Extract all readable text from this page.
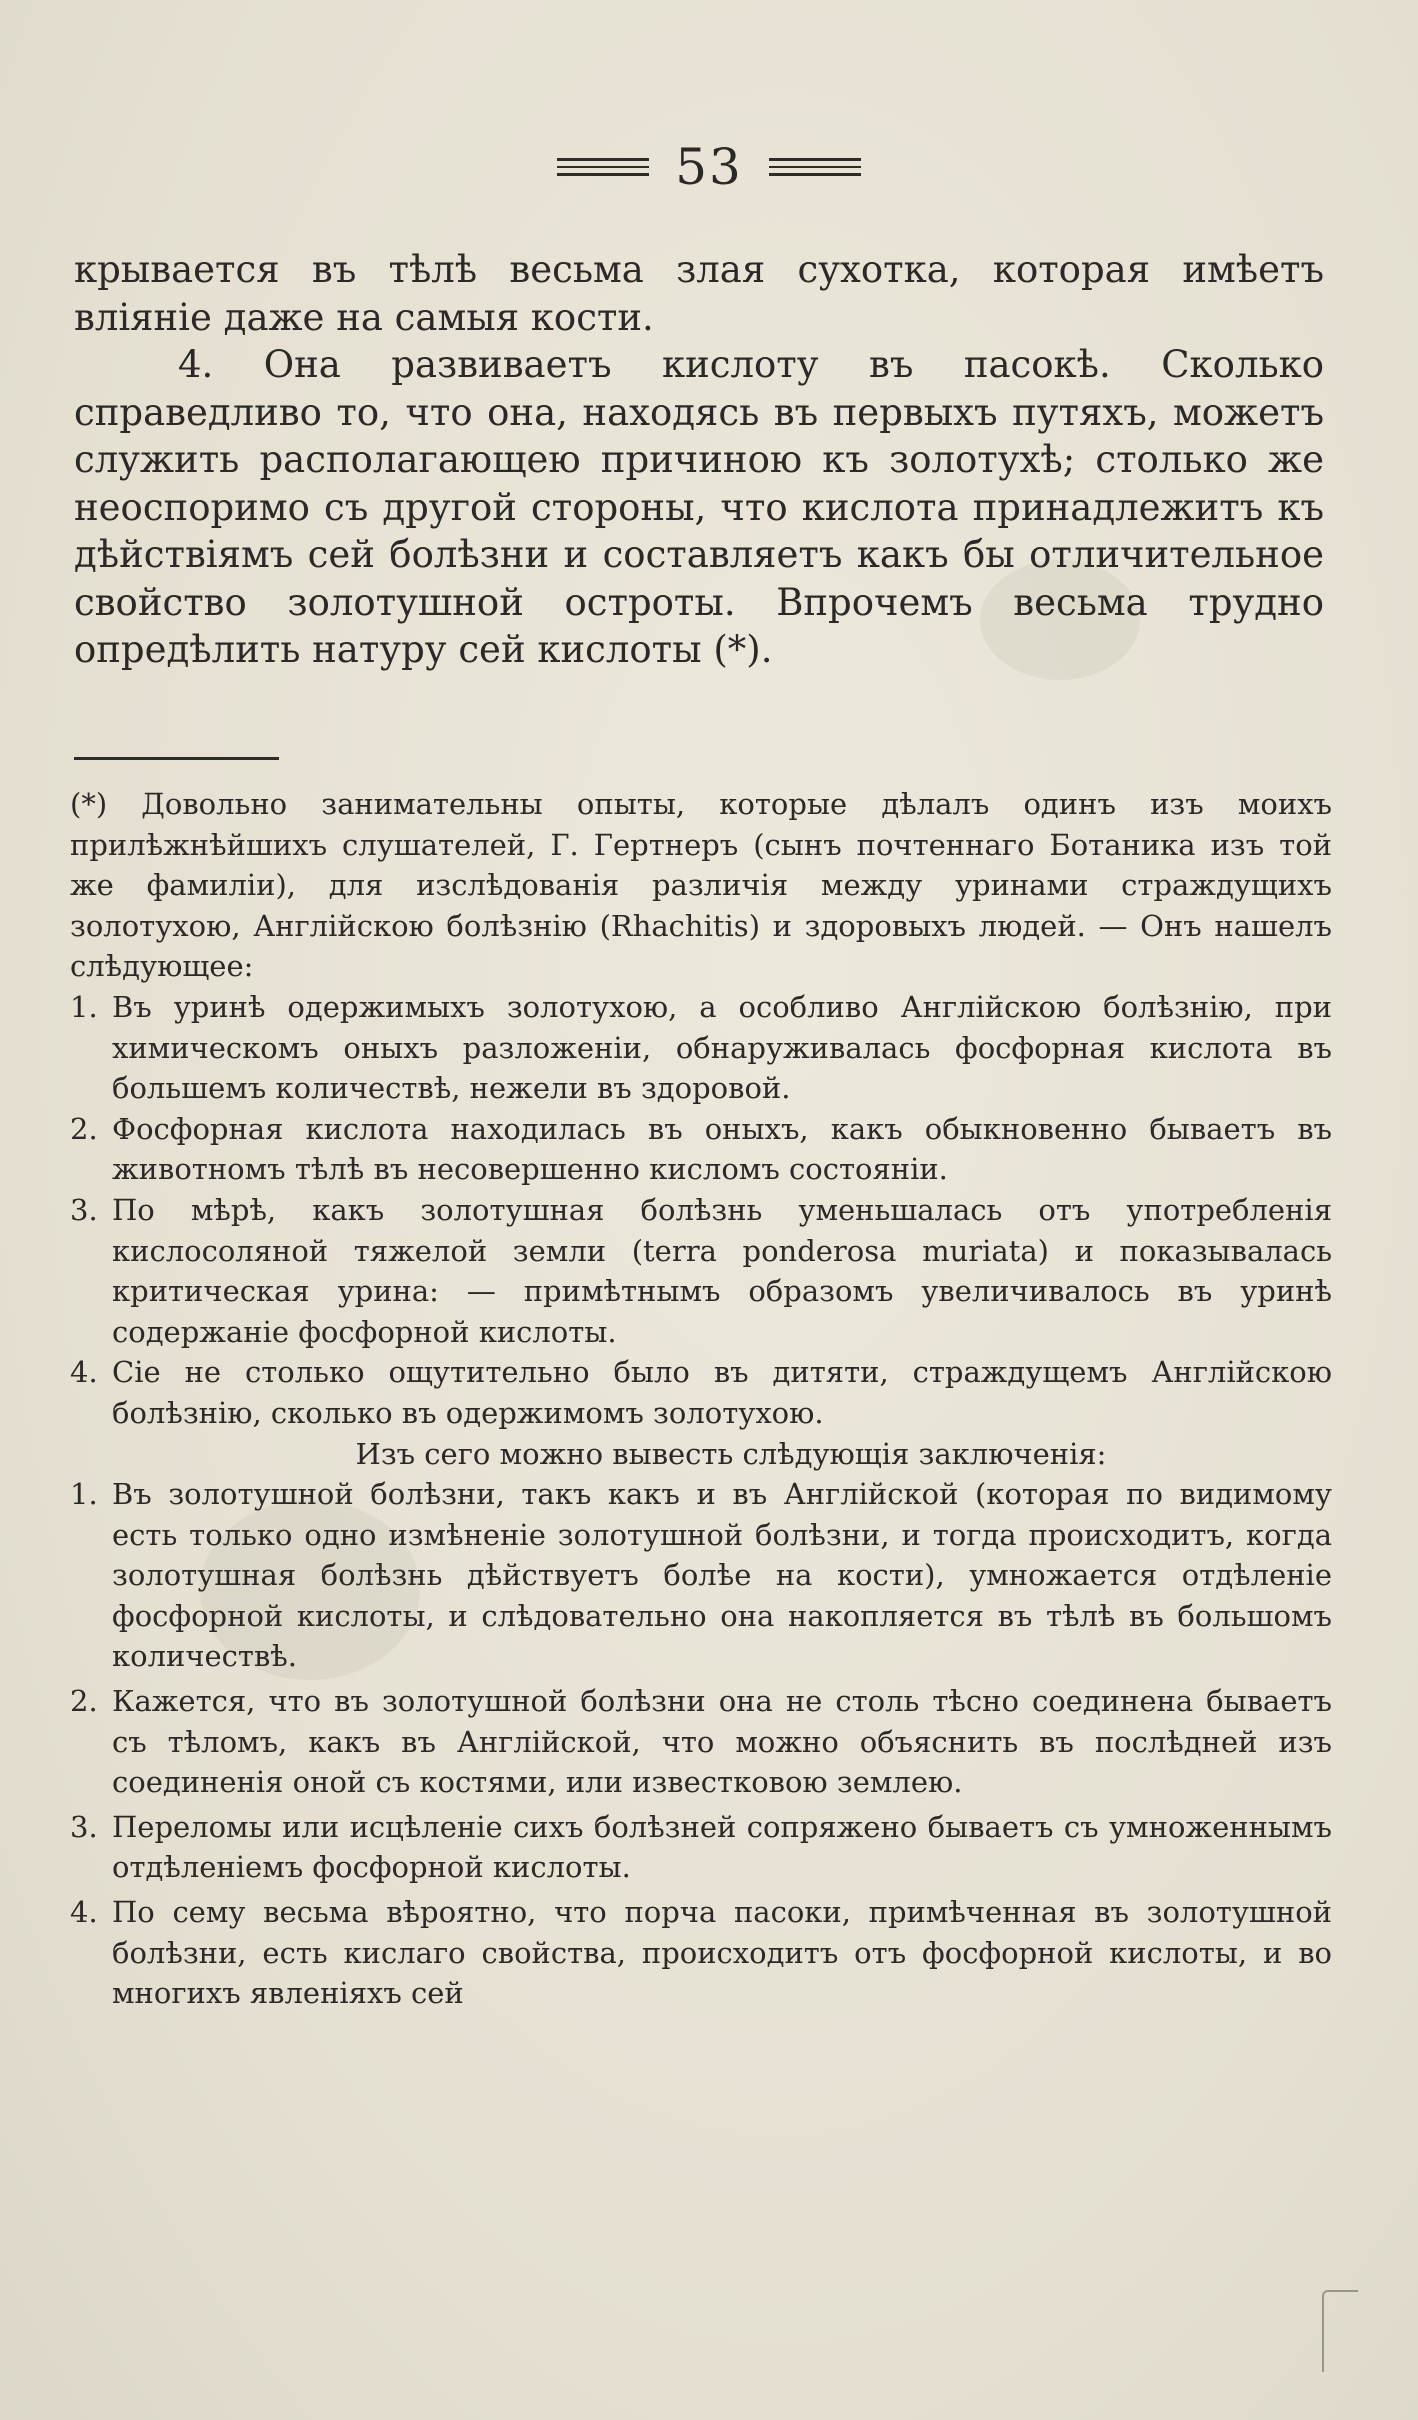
53

крывается въ тѣлѣ весьма злая сухотка, которая имѣетъ вліяніе даже на самыя кости.

4. Она развиваетъ кислоту въ пасокѣ. Сколько справедливо то, что она, находясь въ первыхъ путяхъ, можетъ служить располагающею причиною къ золотухѣ; столько же неоспоримо съ другой стороны, что кислота принадлежитъ къ дѣйствіямъ сей болѣзни и составляетъ какъ бы отличительное свойство золотушной остроты. Впрочемъ весьма трудно опредѣлить натуру сей кислоты (*).

(*) Довольно занимательны опыты, которые дѣлалъ одинъ изъ моихъ прилѣжнѣйшихъ слушателей, Г. Гертнеръ (сынъ почтеннаго Ботаника изъ той же фамиліи), для изслѣдованія различія между уринами страждущихъ золотухою, Англійскою болѣзнію (Rhachitis) и здоровыхъ людей. — Онъ нашелъ слѣдующее:

1. Въ уринѣ одержимыхъ золотухою, а особливо Англійскою болѣзнію, при химическомъ оныхъ разложеніи, обнаруживалась фосфорная кислота въ большемъ количествѣ, нежели въ здоровой.
2. Фосфорная кислота находилась въ оныхъ, какъ обыкновенно бываетъ въ животномъ тѣлѣ въ несовершенно кисломъ состояніи.
3. По мѣрѣ, какъ золотушная болѣзнь уменьшалась отъ употребленія кислосоляной тяжелой земли (terra ponderosa muriata) и показывалась критическая урина: — примѣтнымъ образомъ увеличивалось въ уринѣ содержаніе фосфорной кислоты.
4. Сіе не столько ощутительно было въ дитяти, страждущемъ Англійскою болѣзнію, сколько въ одержимомъ золотухою.

Изъ сего можно вывесть слѣдующія заключенія:

1. Въ золотушной болѣзни, такъ какъ и въ Англійской (которая по видимому есть только одно измѣненіе золотушной болѣзни, и тогда происходитъ, когда золотушная болѣзнь дѣйствуетъ болѣе на кости), умножается отдѣленіе фосфорной кислоты, и слѣдовательно она накопляется въ тѣлѣ въ большомъ количествѣ.
2. Кажется, что въ золотушной болѣзни она не столь тѣсно соединена бываетъ съ тѣломъ, какъ въ Англійской, что можно объяснить въ послѣдней изъ соединенія оной съ костями, или известковою землею.
3. Переломы или исцѣленіе сихъ болѣзней сопряжено бываетъ съ умноженнымъ отдѣленіемъ фосфорной кислоты.
4. По сему весьма вѣроятно, что порча пасоки, примѣченная въ золотушной болѣзни, есть кислаго свойства, происходитъ отъ фосфорной кислоты, и во многихъ явленіяхъ сей
